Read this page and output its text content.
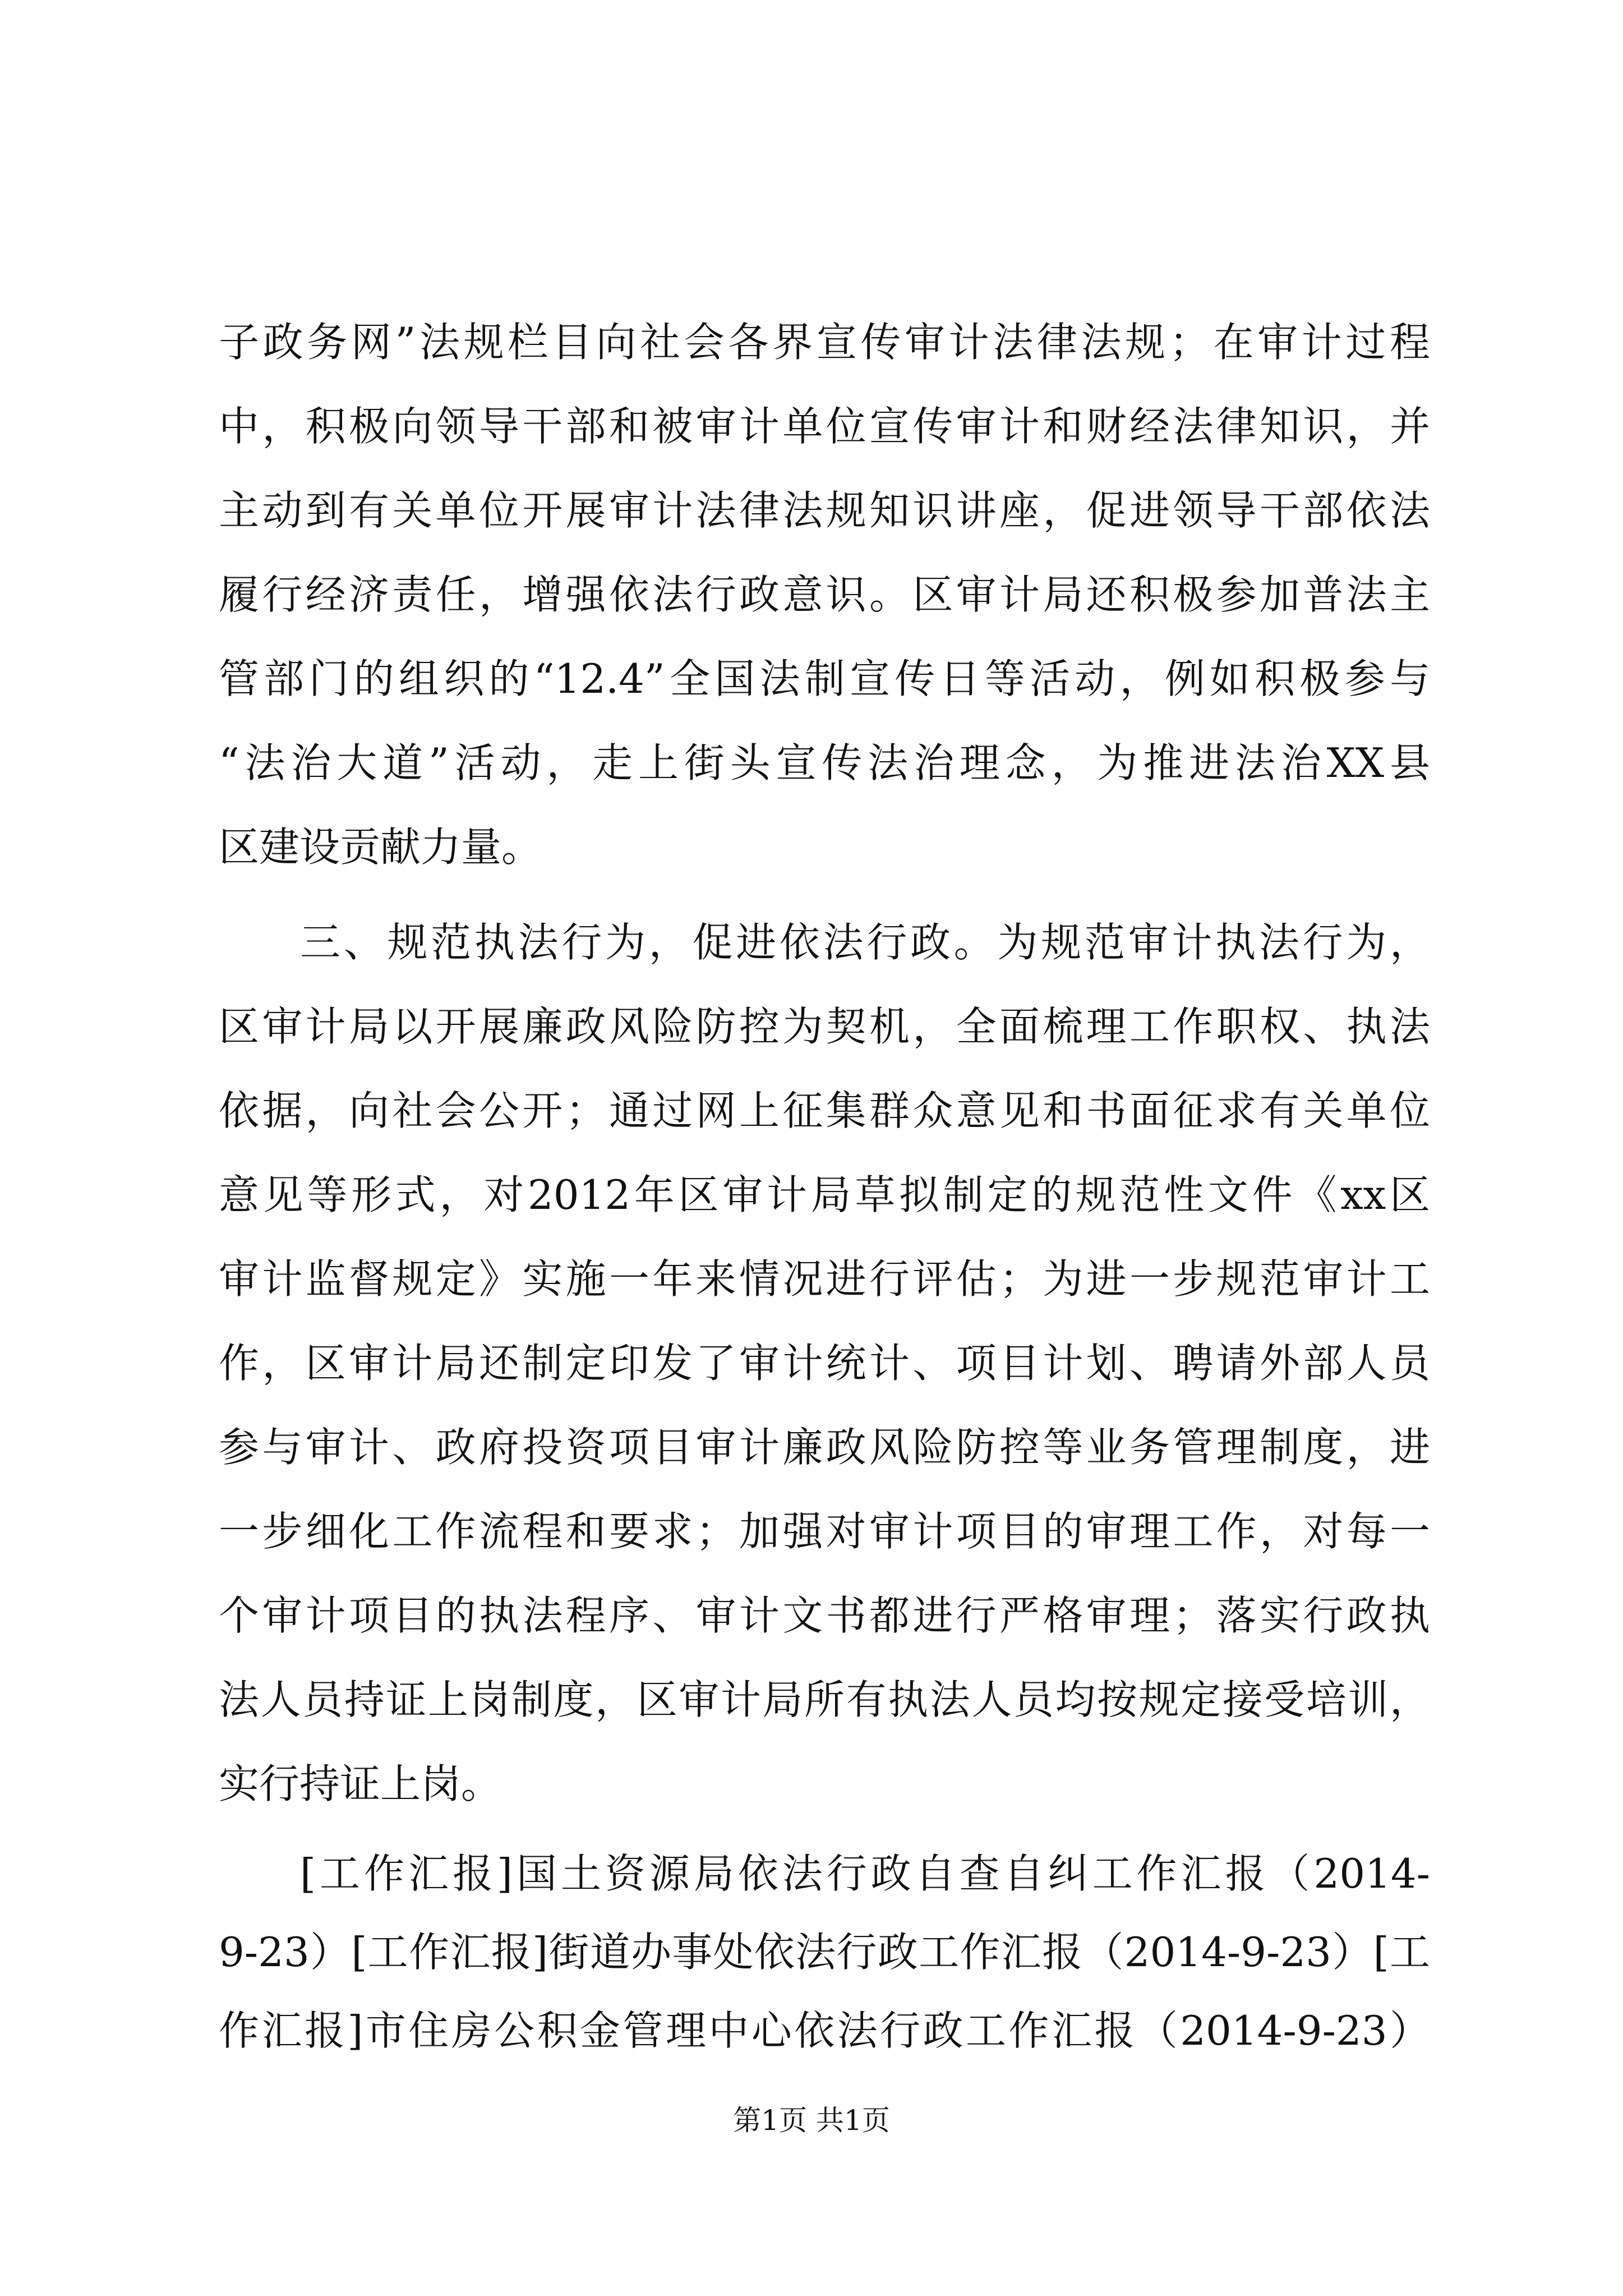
子政务网”法规栏目向社会各界宣传审计法律法规；在审计过程
中，积极向领导干部和被审计单位宣传审计和财经法律知识，并
主动到有关单位开展审计法律法规知识讲座，促进领导干部依法
履行经济责任，增强依法行政意识。区审计局还积极参加普法主
管部门的组织的“12.4”全国法制宣传日等活动，例如积极参与
“法治大道”活动，走上街头宣传法治理念，为推进法治XX县
区建设贡献力量。
三、规范执法行为，促进依法行政。为规范审计执法行为，
区审计局以开展廉政风险防控为契机，全面梳理工作职权、执法
依据，向社会公开；通过网上征集群众意见和书面征求有关单位
意见等形式，对2012年区审计局草拟制定的规范性文件《xx区
审计监督规定》实施一年来情况进行评估；为进一步规范审计工
作，区审计局还制定印发了审计统计、项目计划、聘请外部人员
参与审计、政府投资项目审计廉政风险防控等业务管理制度，进
一步细化工作流程和要求；加强对审计项目的审理工作，对每一
个审计项目的执法程序、审计文书都进行严格审理；落实行政执
法人员持证上岗制度，区审计局所有执法人员均按规定接受培训，
实行持证上岗。
[工作汇报]国土资源局依法行政自查自纠工作汇报（2014-
9-23）[工作汇报]街道办事处依法行政工作汇报（2014-9-23）[工
作汇报]市住房公积金管理中心依法行政工作汇报（2014-9-23）
第1页 共1页
